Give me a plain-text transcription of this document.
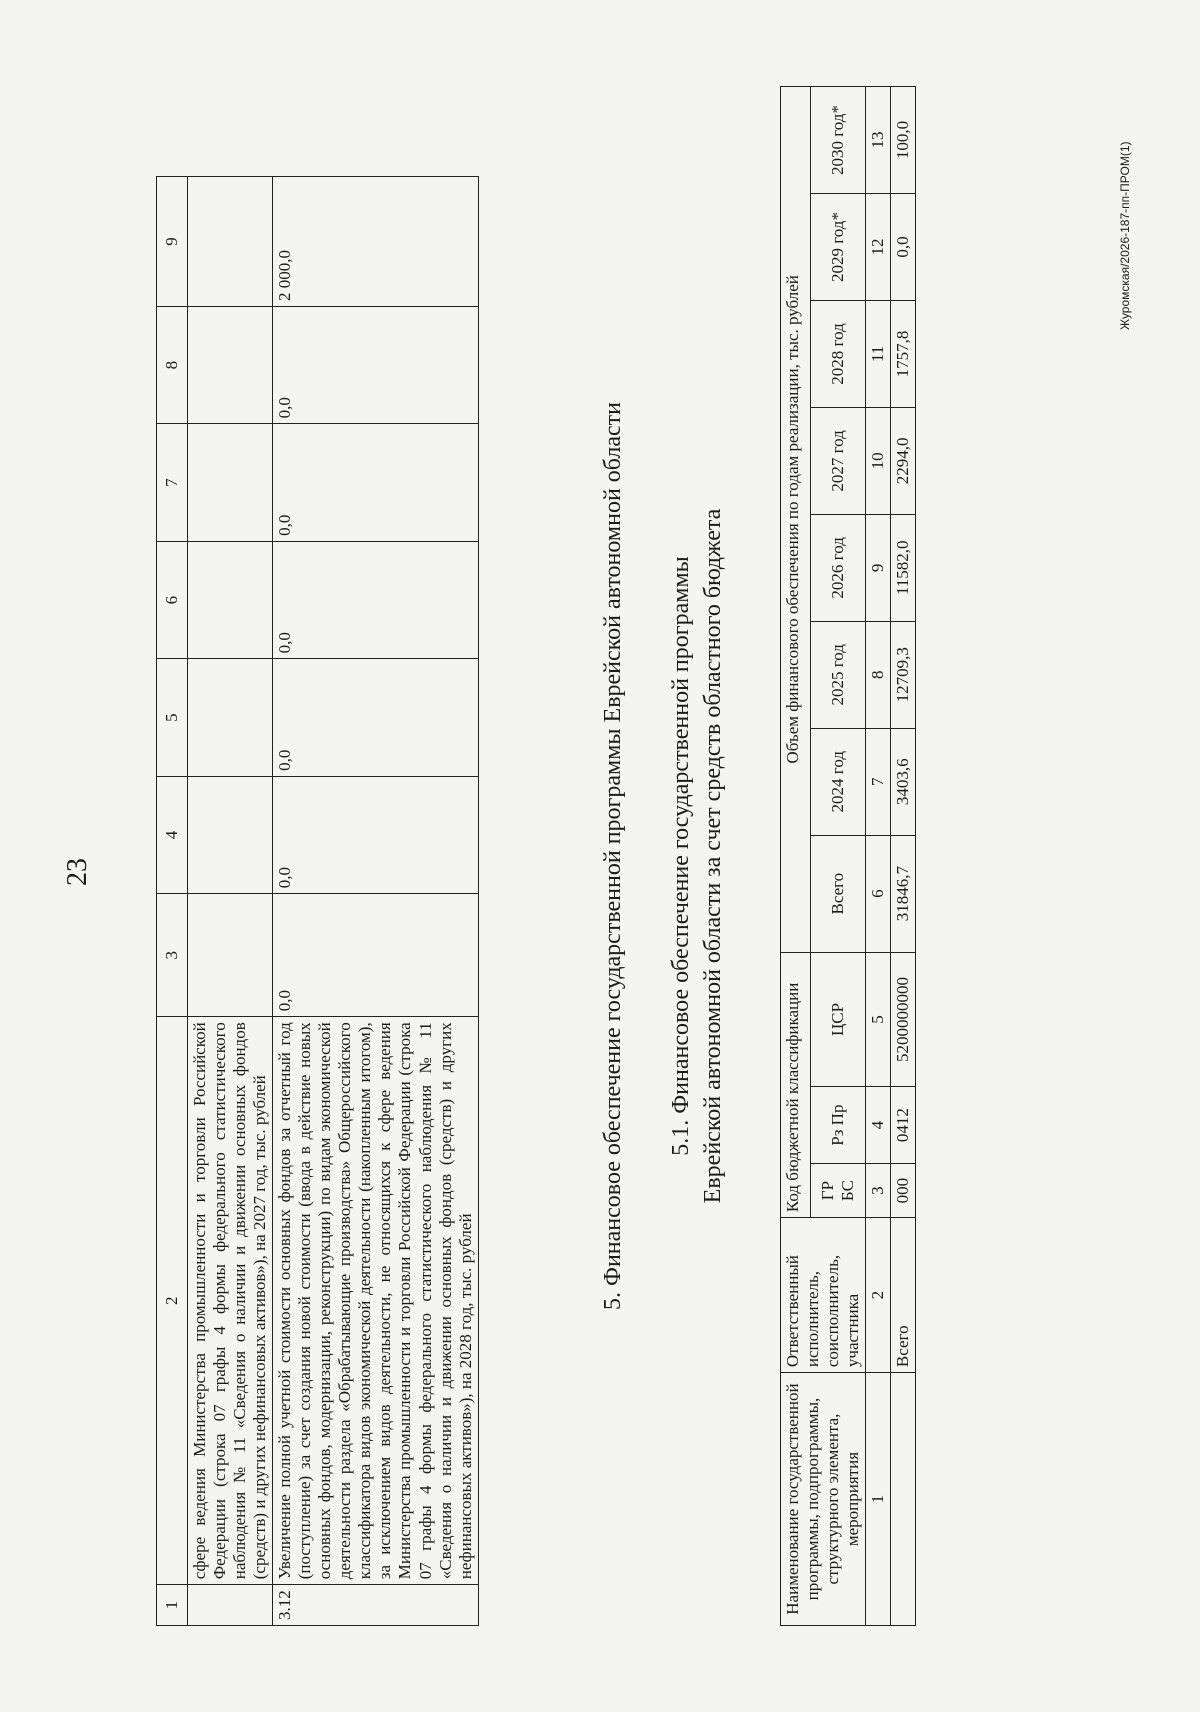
23
1	2	3	4	5	6	7	8	9
	сфере ведения Министерства промышленности и торговли Российской Федерации (строка 07 графы 4 формы федерального статистического наблюдения № 11 «Сведения о наличии и движении основных фондов (средств) и других нефинансовых активов»), на 2027 год, тыс. рублей							
3.12	Увеличение полной учетной стоимости основных фондов за отчетный год (поступление) за счет создания новой стоимости (ввода в действие новых основных фондов, модернизации, реконструкции) по видам экономической деятельности раздела «Обрабатывающие производства» Общероссийского классификатора видов экономической деятельности (накопленным итогом), за исключением видов деятельности, не относящихся к сфере ведения Министерства промышленности и торговли Российской Федерации (строка 07 графы 4 формы федерального статистического наблюдения № 11 «Сведения о наличии и движении основных фондов (средств) и других нефинансовых активов»), на 2028 год, тыс. рублей	0,0	0,0	0,0	0,0	0,0	0,0	2 000,0
5. Финансовое обеспечение государственной программы Еврейской автономной области 5.1. Финансовое обеспечение государственной программы Еврейской автономной области за счет средств областного бюджета
Наименование государственной программы, подпрограммы, структурного элемента, мероприятия	Ответственный исполнитель, соисполнитель, участника	Код бюджетной классификации			Объем финансового обеспечения по годам реализации, тыс. рублей							
		ГР БС	Рз Пр	ЦСР	Всего	2024 год	2025 год	2026 год	2027 год	2028 год	2029 год*	2030 год*
1	2	3	4	5	6	7	8	9	10	11	12	13
	Всего	000	0412	5200000000	31846,7	3403,6	12709,3	11582,0	2294,0	1757,8	0,0	100,0
Журомская/2026-187-пп-ПРОМ(1)
